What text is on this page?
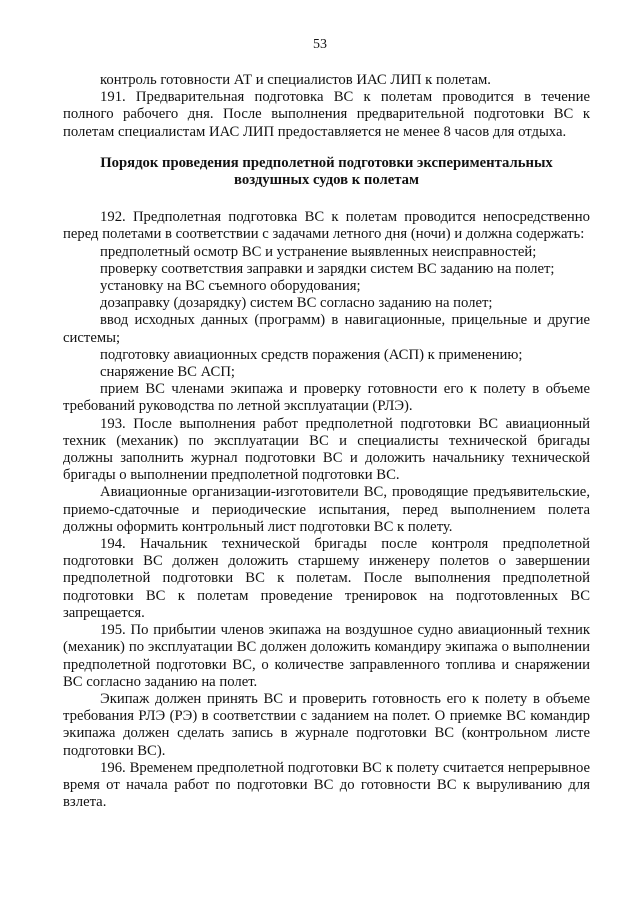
53

контроль готовности АТ и специалистов ИАС ЛИП к полетам.

191. Предварительная подготовка ВС к полетам проводится в течение полного рабочего дня. После выполнения предварительной подготовки ВС к полетам специалистам ИАС ЛИП предоставляется не менее 8 часов для отдыха.

Порядок проведения предполетной подготовки экспериментальных воздушных судов к полетам

192. Предполетная подготовка ВС к полетам проводится непосредственно перед полетами в соответствии с задачами летного дня (ночи) и должна содержать:

предполетный осмотр ВС и устранение выявленных неисправностей;

проверку соответствия заправки и зарядки систем ВС заданию на полет;

установку на ВС съемного оборудования;

дозаправку (дозарядку) систем ВС согласно заданию на полет;

ввод исходных данных (программ) в навигационные, прицельные и другие системы;

подготовку авиационных средств поражения (АСП) к применению;

снаряжение ВС АСП;

прием ВС членами экипажа и проверку готовности его к полету в объеме требований руководства по летной эксплуатации (РЛЭ).

193. После выполнения работ предполетной подготовки ВС авиационный техник (механик) по эксплуатации ВС и специалисты технической бригады должны заполнить журнал подготовки ВС и доложить начальнику технической бригады о выполнении предполетной подготовки ВС.

Авиационные организации-изготовители ВС, проводящие предъявительские, приемо-сдаточные и периодические испытания, перед выполнением полета должны оформить контрольный лист подготовки ВС к полету.

194. Начальник технической бригады после контроля предполетной подготовки ВС должен доложить старшему инженеру полетов о завершении предполетной подготовки ВС к полетам. После выполнения предполетной подготовки ВС к полетам проведение тренировок на подготовленных ВС запрещается.

195. По прибытии членов экипажа на воздушное судно авиационный техник (механик) по эксплуатации ВС должен доложить командиру экипажа о выполнении предполетной подготовки ВС, о количестве заправленного топлива и снаряжении ВС согласно заданию на полет.

Экипаж должен принять ВС и проверить готовность его к полету в объеме требования РЛЭ (РЭ) в соответствии с заданием на полет. О приемке ВС командир экипажа должен сделать запись в журнале подготовки ВС (контрольном листе подготовки ВС).

196. Временем предполетной подготовки ВС к полету считается непрерывное время от начала работ по подготовки ВС до готовности ВС к выруливанию для взлета.
